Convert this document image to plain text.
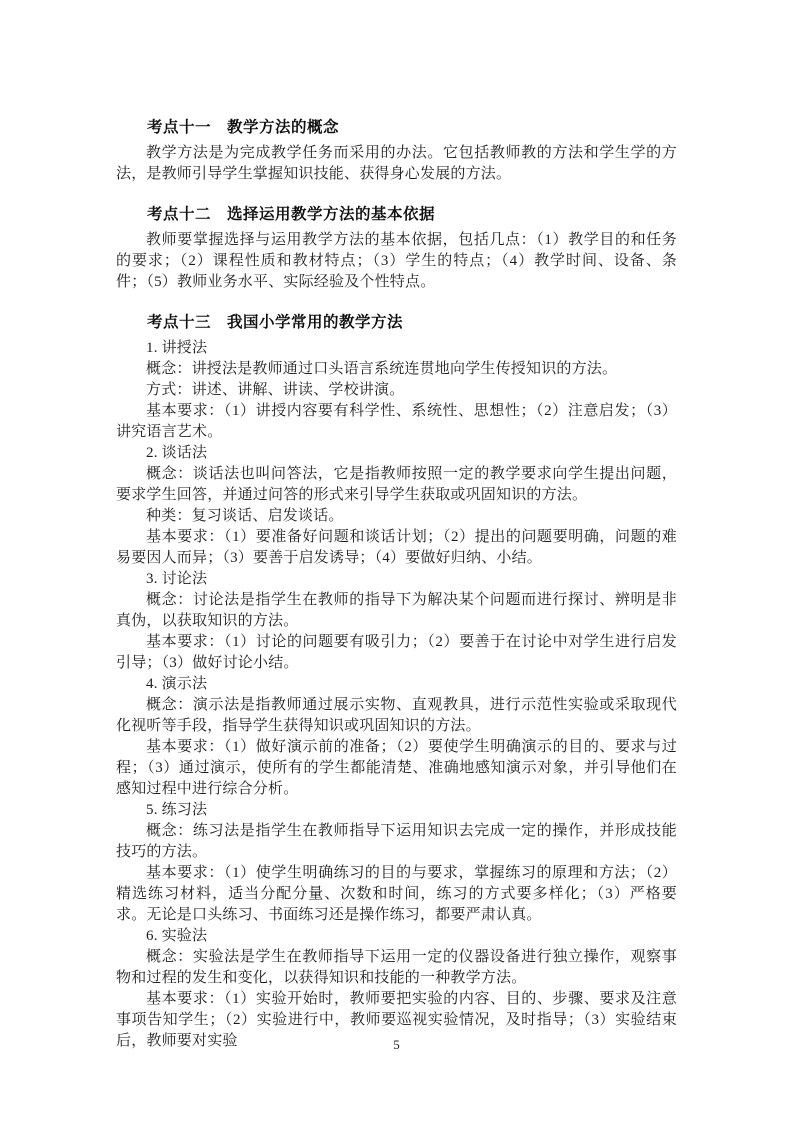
考点十一　教学方法的概念

教学方法是为完成教学任务而采用的办法。它包括教师教的方法和学生学的方法，是教师引导学生掌握知识技能、获得身心发展的方法。

考点十二　选择运用教学方法的基本依据

教师要掌握选择与运用教学方法的基本依据，包括几点：（1）教学目的和任务的要求；（2）课程性质和教材特点；（3）学生的特点；（4）教学时间、设备、条件；（5）教师业务水平、实际经验及个性特点。

考点十三　我国小学常用的教学方法

1. 讲授法

概念：讲授法是教师通过口头语言系统连贯地向学生传授知识的方法。

方式：讲述、讲解、讲读、学校讲演。

基本要求：（1）讲授内容要有科学性、系统性、思想性；（2）注意启发；（3）讲究语言艺术。

2. 谈话法

概念：谈话法也叫问答法，它是指教师按照一定的教学要求向学生提出问题，要求学生回答，并通过问答的形式来引导学生获取或巩固知识的方法。

种类：复习谈话、启发谈话。

基本要求：（1）要准备好问题和谈话计划；（2）提出的问题要明确，问题的难易要因人而异；（3）要善于启发诱导；（4）要做好归纳、小结。

3. 讨论法

概念：讨论法是指学生在教师的指导下为解决某个问题而进行探讨、辨明是非真伪，以获取知识的方法。

基本要求：（1）讨论的问题要有吸引力；（2）要善于在讨论中对学生进行启发引导；（3）做好讨论小结。

4. 演示法

概念：演示法是指教师通过展示实物、直观教具，进行示范性实验或采取现代化视听等手段，指导学生获得知识或巩固知识的方法。

基本要求：（1）做好演示前的准备；（2）要使学生明确演示的目的、要求与过程；（3）通过演示，使所有的学生都能清楚、准确地感知演示对象，并引导他们在感知过程中进行综合分析。

5. 练习法

概念：练习法是指学生在教师指导下运用知识去完成一定的操作，并形成技能技巧的方法。

基本要求：（1）使学生明确练习的目的与要求，掌握练习的原理和方法；（2）精选练习材料，适当分配分量、次数和时间，练习的方式要多样化；（3）严格要求。无论是口头练习、书面练习还是操作练习，都要严肃认真。

6. 实验法

概念：实验法是学生在教师指导下运用一定的仪器设备进行独立操作，观察事物和过程的发生和变化，以获得知识和技能的一种教学方法。

基本要求：（1）实验开始时，教师要把实验的内容、目的、步骤、要求及注意事项告知学生；（2）实验进行中，教师要巡视实验情况，及时指导；（3）实验结束后，教师要对实验	5
